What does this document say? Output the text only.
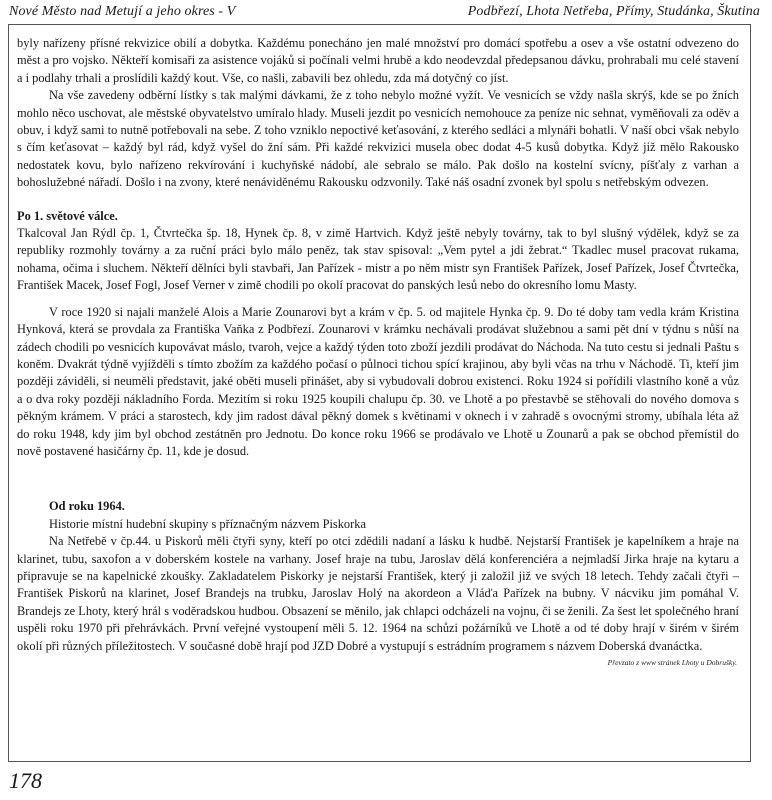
Nové Město nad Metují a jeho okres - V	Podbřezí, Lhota Netřeba, Přímy, Studánka, Škutina

byly nařízeny přísné rekvizice obilí a dobytka. Každému ponecháno jen malé množství pro domácí spotřebu a osev a vše ostatní odvezeno do měst a pro vojsko. Někteří komisaři za asistence vojáků si počínali velmi hrubě a kdo neodevzdal předepsanou dávku, prohrabali mu celé stavení a i podlahy trhali a proslídili každý kout. Vše, co našli, zabavili bez ohledu, zda má dotyčný co jíst.

Na vše zavedeny odběrní lístky s tak malými dávkami, že z toho nebylo možné vyžít. Ve vesnicích se vždy našla skrýš, kde se po žních mohlo něco uschovat, ale městské obyvatelstvo umíralo hlady. Museli jezdit po vesnicích nemohouce za peníze nic sehnat, vyměňovali za oděv a obuv, i když sami to nutně potřebovali na sebe. Z toho vzniklo nepoctivé keťasování, z kterého sedláci a mlynáři bohatli. V naší obci však nebylo s čím keťasovat – každý byl rád, když vyšel do žní sám. Při každé rekvizici musela obec dodat 4-5 kusů dobytka. Když již mělo Rakousko nedostatek kovu, bylo nařízeno rekvírování i kuchyňské nádobí, ale sebralo se málo. Pak došlo na kostelní svícny, píšťaly z varhan a bohoslužebné nářadí. Došlo i na zvony, které nenáviděnému Rakousku odzvonily. Také náš osadní zvonek byl spolu s netřebským odvezen.

Po 1. světové válce.

Tkalcoval Jan Rýdl čp. 1, Čtvrtečka šp. 18, Hynek čp. 8, v zimě Hartvich. Když ještě nebyly továrny, tak to byl slušný výdělek, když se za republiky rozmohly továrny a za ruční práci bylo málo peněz, tak stav spisoval: „Vem pytel a jdi žebrat.“ Tkadlec musel pracovat rukama, nohama, očima i sluchem. Někteří dělníci byli stavbaři, Jan Pařízek - mistr a po něm mistr syn František Pařízek, Josef Pařízek, Josef Čtvrtečka, František Macek, Josef Fogl, Josef Verner v zimě chodili po okolí pracovat do panských lesů nebo do okresního lomu Masty.

V roce 1920 si najali manželé Alois a Marie Zounarovi byt a krám v čp. 5. od majitele Hynka čp. 9. Do té doby tam vedla krám Kristina Hynková, která se provdala za Františka Vaňka z Podbřezí. Zounarovi v krámku nechávali prodávat služebnou a sami pět dní v týdnu s nůší na zádech chodili po vesnicích kupovávat máslo, tvaroh, vejce a každý týden toto zboží jezdili prodávat do Náchoda. Na tuto cestu si jednali Paštu s koněm. Dvakrát týdně vyjížděli s tímto zbožím za každého počasí o půlnoci tichou spící krajinou, aby byli včas na trhu v Náchodě. Ti, kteří jim později záviděli, si neuměli představit, jaké oběti museli přinášet, aby si vybudovali dobrou existenci. Roku 1924 si pořídili vlastního koně a vůz a o dva roky později nákladního Forda. Mezitím si roku 1925 koupili chalupu čp. 30. ve Lhotě a po přestavbě se stěhovali do nového domova s pěkným krámem. V práci a starostech, kdy jim radost dával pěkný domek s květinami v oknech i v zahradě s ovocnými stromy, ubíhala léta až do roku 1948, kdy jim byl obchod zestátněn pro Jednotu. Do konce roku 1966 se prodávalo ve Lhotě u Zounarů a pak se obchod přemístil do nově postavené hasičárny čp. 11, kde je dosud.

Od roku 1964.

Historie místní hudební skupiny s příznačným názvem Piskorka

Na Netřebě v čp.44. u Piskorů měli čtyři syny, kteří po otci zdědili nadaní a lásku k hudbě. Nejstarší František je kapelníkem a hraje na klarinet, tubu, saxofon a v doberském kostele na varhany. Josef hraje na tubu, Jaroslav dělá konferenciéra a nejmladší Jirka hraje na kytaru a připravuje se na kapelnické zkoušky. Zakladatelem Piskorky je nejstarší František, který ji založil již ve svých 18 letech. Tehdy začali čtyři – František Piskorů na klarinet, Josef Brandejs na trubku, Jaroslav Holý na akordeon a Vláďa Pařízek na bubny. V nácviku jim pomáhal V. Brandejs ze Lhoty, který hrál s voděradskou hudbou. Obsazení se měnilo, jak chlapci odcházeli na vojnu, či se ženili. Za šest let společného hraní uspěli roku 1970 při přehrávkách. První veřejné vystoupení měli 5. 12. 1964 na schůzi požárníků ve Lhotě a od té doby hrají v širém v širém okolí při různých příležitostech. V současné době hrají pod JZD Dobré a vystupují s estrádním programem s názvem Doberská dvanáctka.

Převzato z www stránek Lhoty u Dobrušky.
178
